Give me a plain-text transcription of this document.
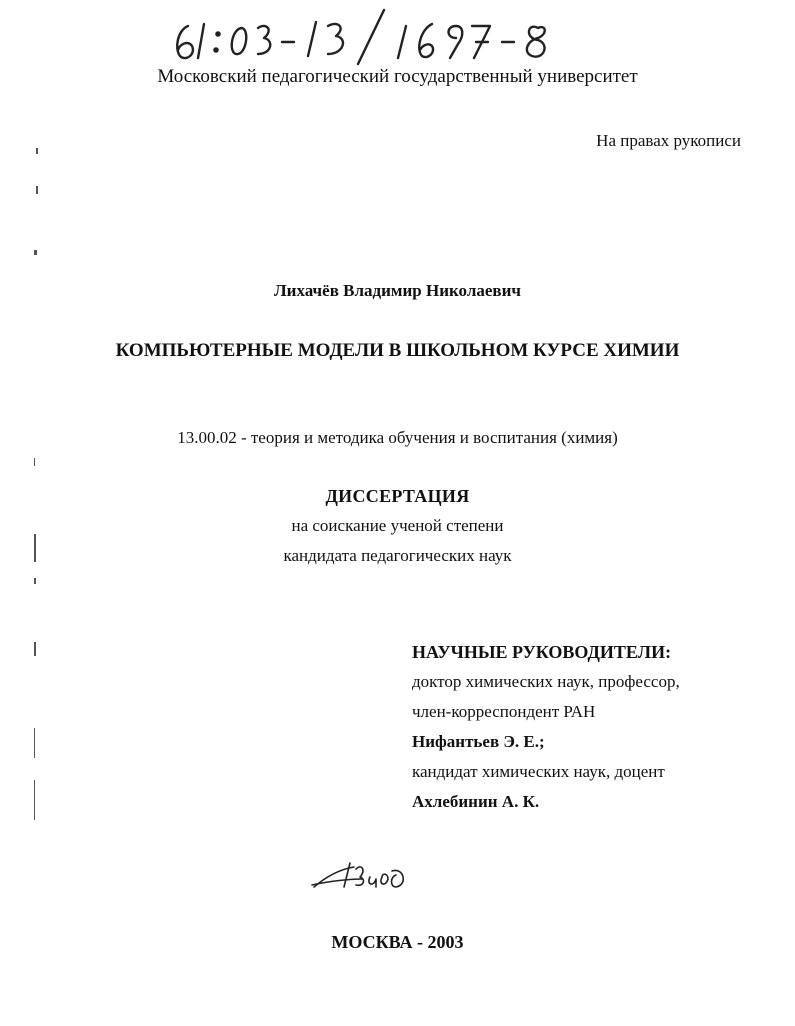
Московский педагогический государственный университет
На правах рукописи
Лихачёв Владимир Николаевич
КОМПЬЮТЕРНЫЕ МОДЕЛИ В ШКОЛЬНОМ КУРСЕ ХИМИИ
13.00.02 - теория и методика обучения и воспитания (химия)
ДИССЕРТАЦИЯ
на соискание ученой степени
кандидата педагогических наук
НАУЧНЫЕ РУКОВОДИТЕЛИ:
доктор химических наук, профессор,
член-корреспондент РАН
Нифантьев Э. Е.;
кандидат химических наук, доцент
Ахлебинин А. К.
МОСКВА - 2003
